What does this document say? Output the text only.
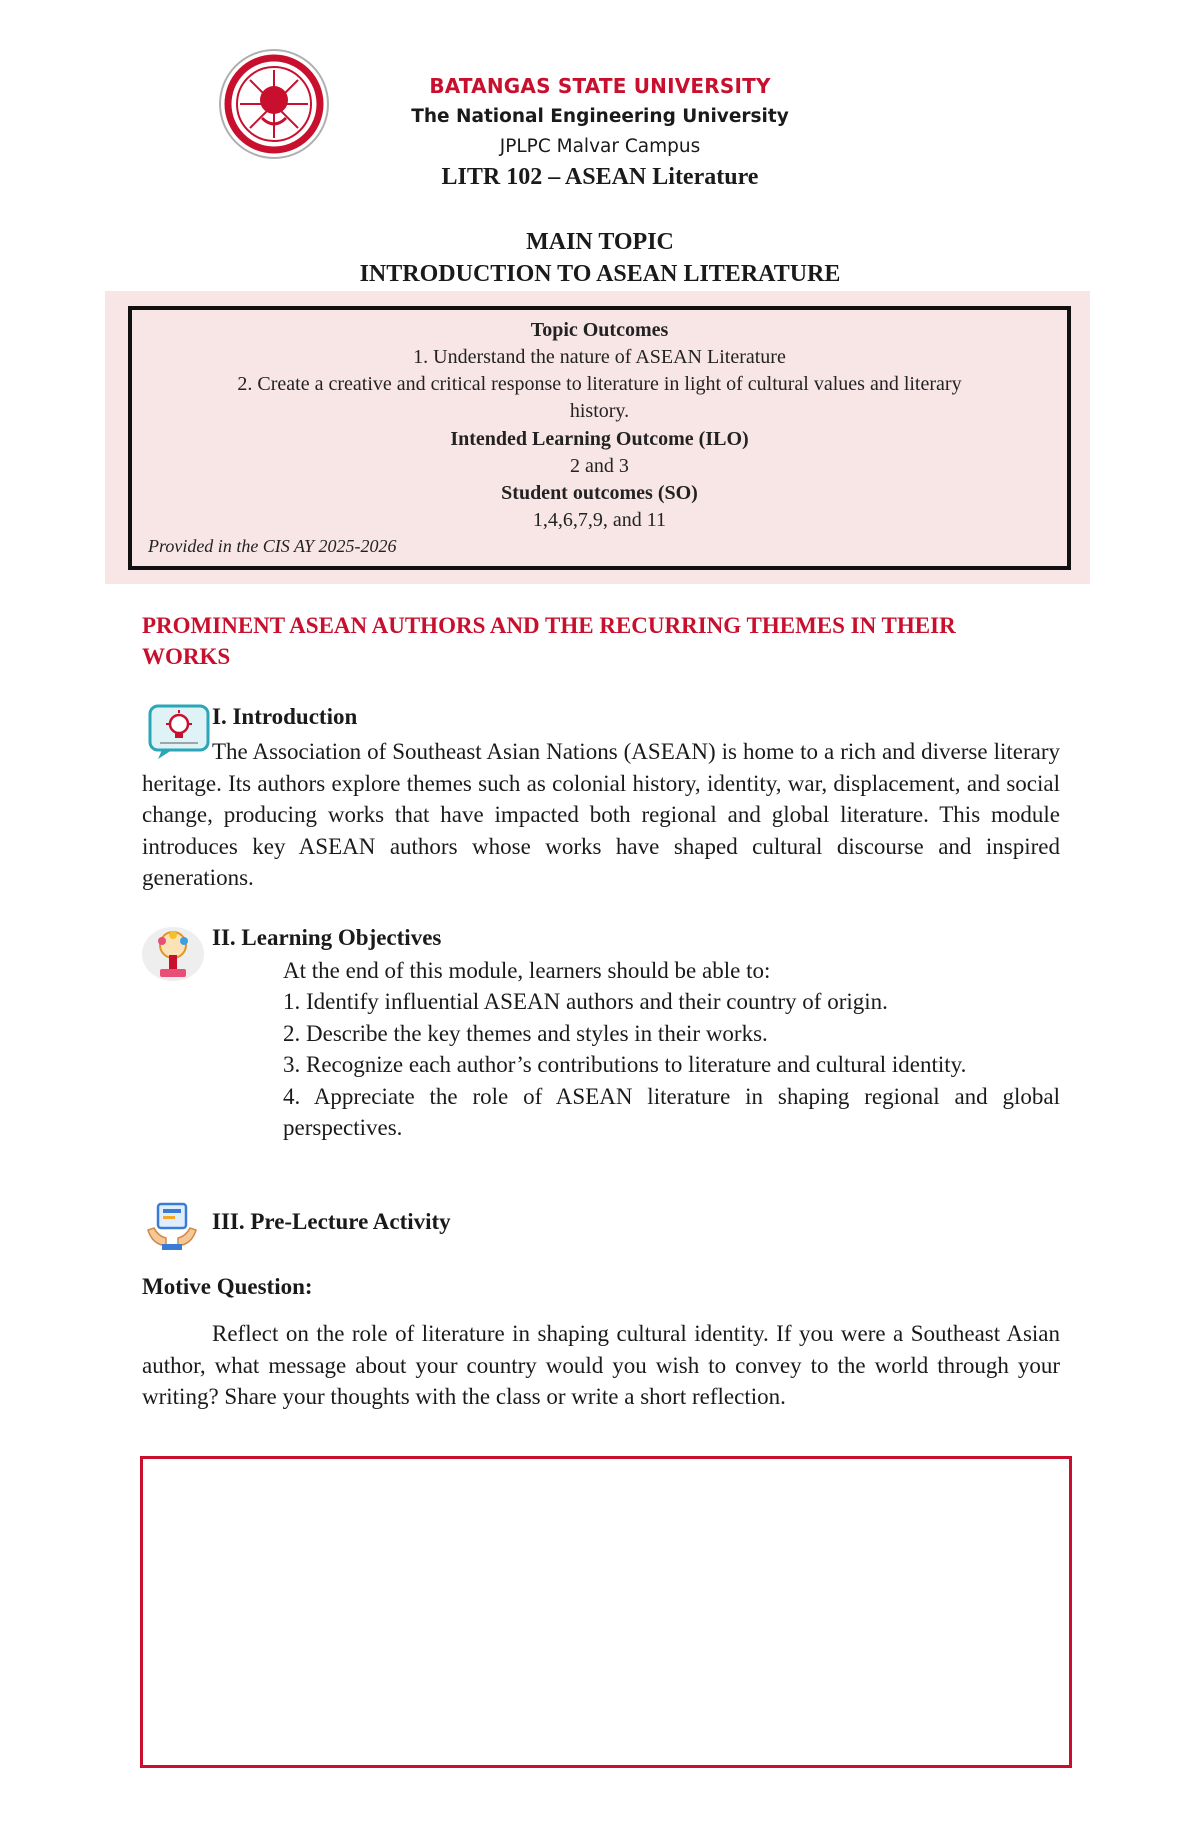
BATANGAS STATE UNIVERSITY
The National Engineering University
JPLPC Malvar Campus
LITR 102 – ASEAN Literature
MAIN TOPIC
INTRODUCTION TO ASEAN LITERATURE
Topic Outcomes
1. Understand the nature of ASEAN Literature
2. Create a creative and critical response to literature in light of cultural values and literary
history.
Intended Learning Outcome (ILO)
2 and 3
Student outcomes (SO)
1,4,6,7,9, and 11
Provided in the CIS AY 2025-2026
PROMINENT ASEAN AUTHORS AND THE RECURRING THEMES IN THEIR WORKS
I. Introduction
The Association of Southeast Asian Nations (ASEAN) is home to a rich and diverse literary heritage. Its authors explore themes such as colonial history, identity, war, displacement, and social change, producing works that have impacted both regional and global literature. This module introduces key ASEAN authors whose works have shaped cultural discourse and inspired generations.
II. Learning Objectives
At the end of this module, learners should be able to:
1. Identify influential ASEAN authors and their country of origin.
2. Describe the key themes and styles in their works.
3. Recognize each author’s contributions to literature and cultural identity.
4. Appreciate the role of ASEAN literature in shaping regional and global perspectives.
III. Pre-Lecture Activity
Motive Question:
Reflect on the role of literature in shaping cultural identity. If you were a Southeast Asian author, what message about your country would you wish to convey to the world through your writing? Share your thoughts with the class or write a short reflection.
